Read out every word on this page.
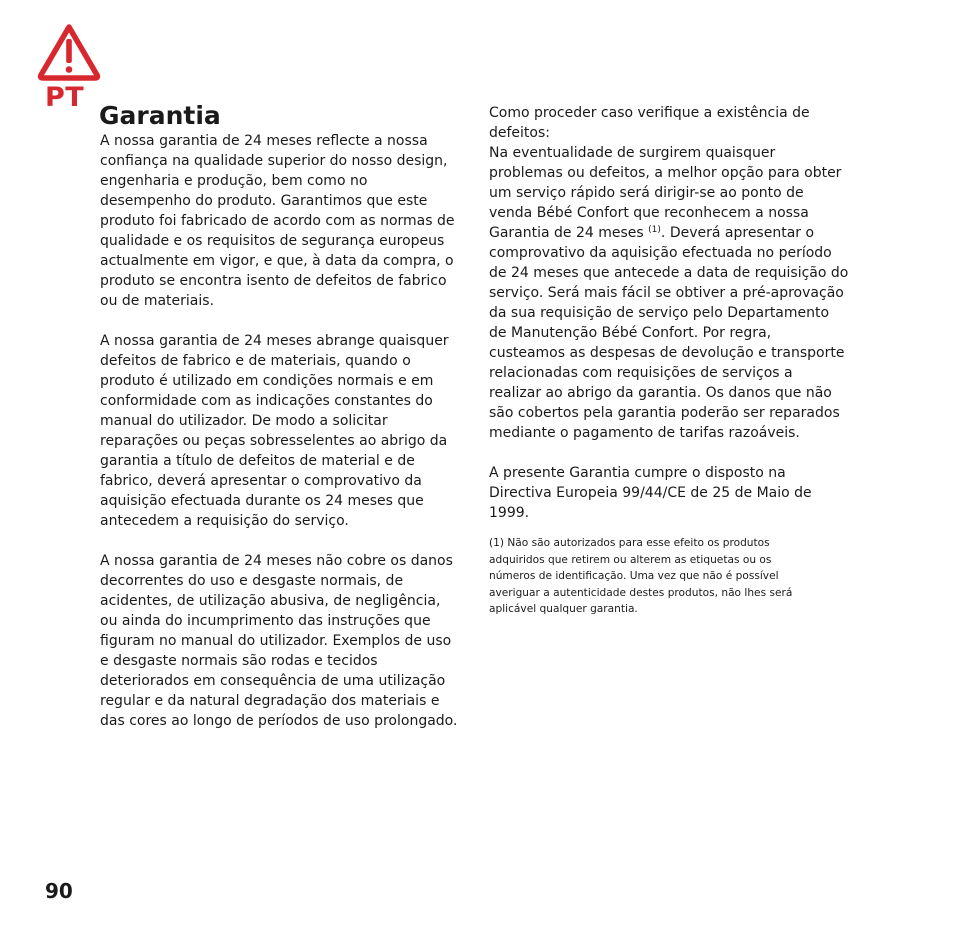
PT
Garantia

A nossa garantia de 24 meses reflecte a nossa confiança na qualidade superior do nosso design, engenharia e produção, bem como no desempenho do produto. Garantimos que este produto foi fabricado de acordo com as normas de qualidade e os requisitos de segurança europeus actualmente em vigor, e que, à data da compra, o produto se encontra isento de defeitos de fabrico ou de materiais.

A nossa garantia de 24 meses abrange quaisquer defeitos de fabrico e de materiais, quando o produto é utilizado em condições normais e em conformidade com as indicações constantes do manual do utilizador. De modo a solicitar reparações ou peças sobresselentes ao abrigo da garantia a título de defeitos de material e de fabrico, deverá apresentar o comprovativo da aquisição efectuada durante os 24 meses que antecedem a requisição do serviço.

A nossa garantia de 24 meses não cobre os danos decorrentes do uso e desgaste normais, de acidentes, de utilização abusiva, de negligência, ou ainda do incumprimento das instruções que figuram no manual do utilizador. Exemplos de uso e desgaste normais são rodas e tecidos deteriorados em consequência de uma utilização regular e da natural degradação dos materiais e das cores ao longo de períodos de uso prolongado.

Como proceder caso verifique a existência de defeitos:

Na eventualidade de surgirem quaisquer problemas ou defeitos, a melhor opção para obter um serviço rápido será dirigir-se ao ponto de venda Bébé Confort que reconhecem a nossa Garantia de 24 meses $^{(1)}$. Deverá apresentar o comprovativo da aquisição efectuada no período de 24 meses que antecede a data de requisição do serviço. Será mais fácil se obtiver a pré-aprovação da sua requisição de serviço pelo Departamento de Manutenção Bébé Confort. Por regra, custeamos as despesas de devolução e transporte relacionadas com requisições de serviços a realizar ao abrigo da garantia. Os danos que não são cobertos pela garantia poderão ser reparados mediante o pagamento de tarifas razoáveis.

A presente Garantia cumpre o disposto na Directiva Europeia 99/44/CE de 25 de Maio de 1999.

(1) Não são autorizados para esse efeito os produtos adquiridos que retirem ou alterem as etiquetas ou os números de identificação. Uma vez que não é possível averiguar a autenticidade destes produtos, não lhes será aplicável qualquer garantia.

90
